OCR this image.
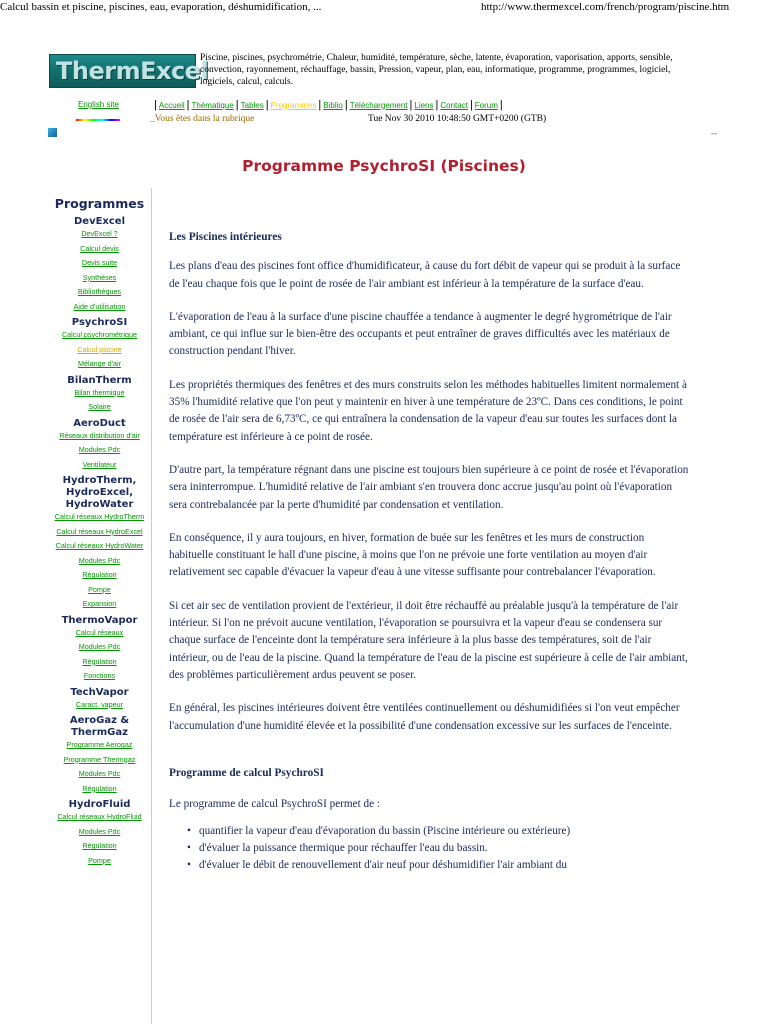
Calcul bassin et piscine, piscines, eau, evaporation, déshumidification, ...	http://www.thermexcel.com/french/program/piscine.htm
ThermExcel
Piscine, piscines, psychrométrie, Chaleur, humidité, température, sèche, latente, évaporation, vaporisation, apports, sensible, convection, rayonnement, réchauffage, bassin, Pression, vapeur, plan, eau, informatique, programme, programmes, logiciel, logiciels, calcul, calculs.
English site	| Accueil | Thématique | Tables | Programmes | Biblio | Téléchargement | Liens | Contact | Forum |
_Vous êtes dans la rubrique	Tue Nov 30 2010 10:48:50 GMT+0200 (GTB)
--
Programme PsychroSI (Piscines)
Programmes
DevExcel
DevExcel ?
Calcul devis
Devis suite
Synthèses
Bibliothèques
Aide d'utilisation
PsychroSI
Calcul psychrométrique
Calcul piscine
Mélange d'air
BilanTherm
Bilan thermique
Solaire
AeroDuct
Réseaux distribution d'air
Modules Pdc
Ventilateur
HydroTherm, HydroExcel, HydroWater
Calcul réseaux HydroTherm
Calcul réseaux HydroExcel
Calcul réseaux HydroWater
Modules Pdc
Régulation
Pompe
Expansion
ThermoVapor
Calcul réseaux
Modules Pdc
Régulation
Fonctions
TechVapor
Caract. vapeur
AeroGaz & ThermGaz
Programme Aerogaz
Programme Thermgaz
Modules Pdc
Régulation
HydroFluid
Calcul réseaux HydroFluid
Modules Pdc
Régulation
Pompe
Les Piscines intérieures

Les plans d'eau des piscines font office d'humidificateur, à cause du fort débit de vapeur qui se produit à la surface de l'eau chaque fois que le point de rosée de l'air ambiant est inférieur à la température de la surface d'eau.

L'évaporation de l'eau à la surface d'une piscine chauffée a tendance à augmenter le degré hygrométrique de l'air ambiant, ce qui influe sur le bien-être des occupants et peut entraîner de graves difficultés avec les matériaux de construction pendant l'hiver.

Les propriétés thermiques des fenêtres et des murs construits selon les méthodes habituelles limitent normalement à 35% l'humidité relative que l'on peut y maintenir en hiver à une température de 23ºC. Dans ces conditions, le point de rosée de l'air sera de 6,73ºC, ce qui entraînera la condensation de la vapeur d'eau sur toutes les surfaces dont la température est inférieure à ce point de rosée.

D'autre part, la température régnant dans une piscine est toujours bien supérieure à ce point de rosée et l'évaporation sera ininterrompue. L'humidité relative de l'air ambiant s'en trouvera donc accrue jusqu'au point où l'évaporation sera contrebalancée par la perte d'humidité par condensation et ventilation.

En conséquence, il y aura toujours, en hiver, formation de buée sur les fenêtres et les murs de construction habituelle constituant le hall d'une piscine, à moins que l'on ne prévoie une forte ventilation au moyen d'air relativement sec capable d'évacuer la vapeur d'eau à une vitesse suffisante pour contrebalancer l'évaporation.

Si cet air sec de ventilation provient de l'extérieur, il doit être réchauffé au préalable jusqu'à la température de l'air intérieur. Si l'on ne prévoit aucune ventilation, l'évaporation se poursuivra et la vapeur d'eau se condensera sur chaque surface de l'enceinte dont la température sera inférieure à la plus basse des températures, soit de l'air intérieur, ou de l'eau de la piscine. Quand la température de l'eau de la piscine est supérieure à celle de l'air ambiant, des problèmes particulièrement ardus peuvent se poser.

En général, les piscines intérieures doivent être ventilées continuellement ou déshumidifiées si l'on veut empêcher l'accumulation d'une humidité élevée et la possibilité d'une condensation excessive sur les surfaces de l'enceinte.

Programme de calcul PsychroSI

Le programme de calcul PsychroSI permet de :

• quantifier la vapeur d'eau d'évaporation du bassin (Piscine intérieure ou extérieure)
• d'évaluer la puissance thermique pour réchauffer l'eau du bassin.
• d'évaluer le débit de renouvellement d'air neuf pour déshumidifier l'air ambiant du
